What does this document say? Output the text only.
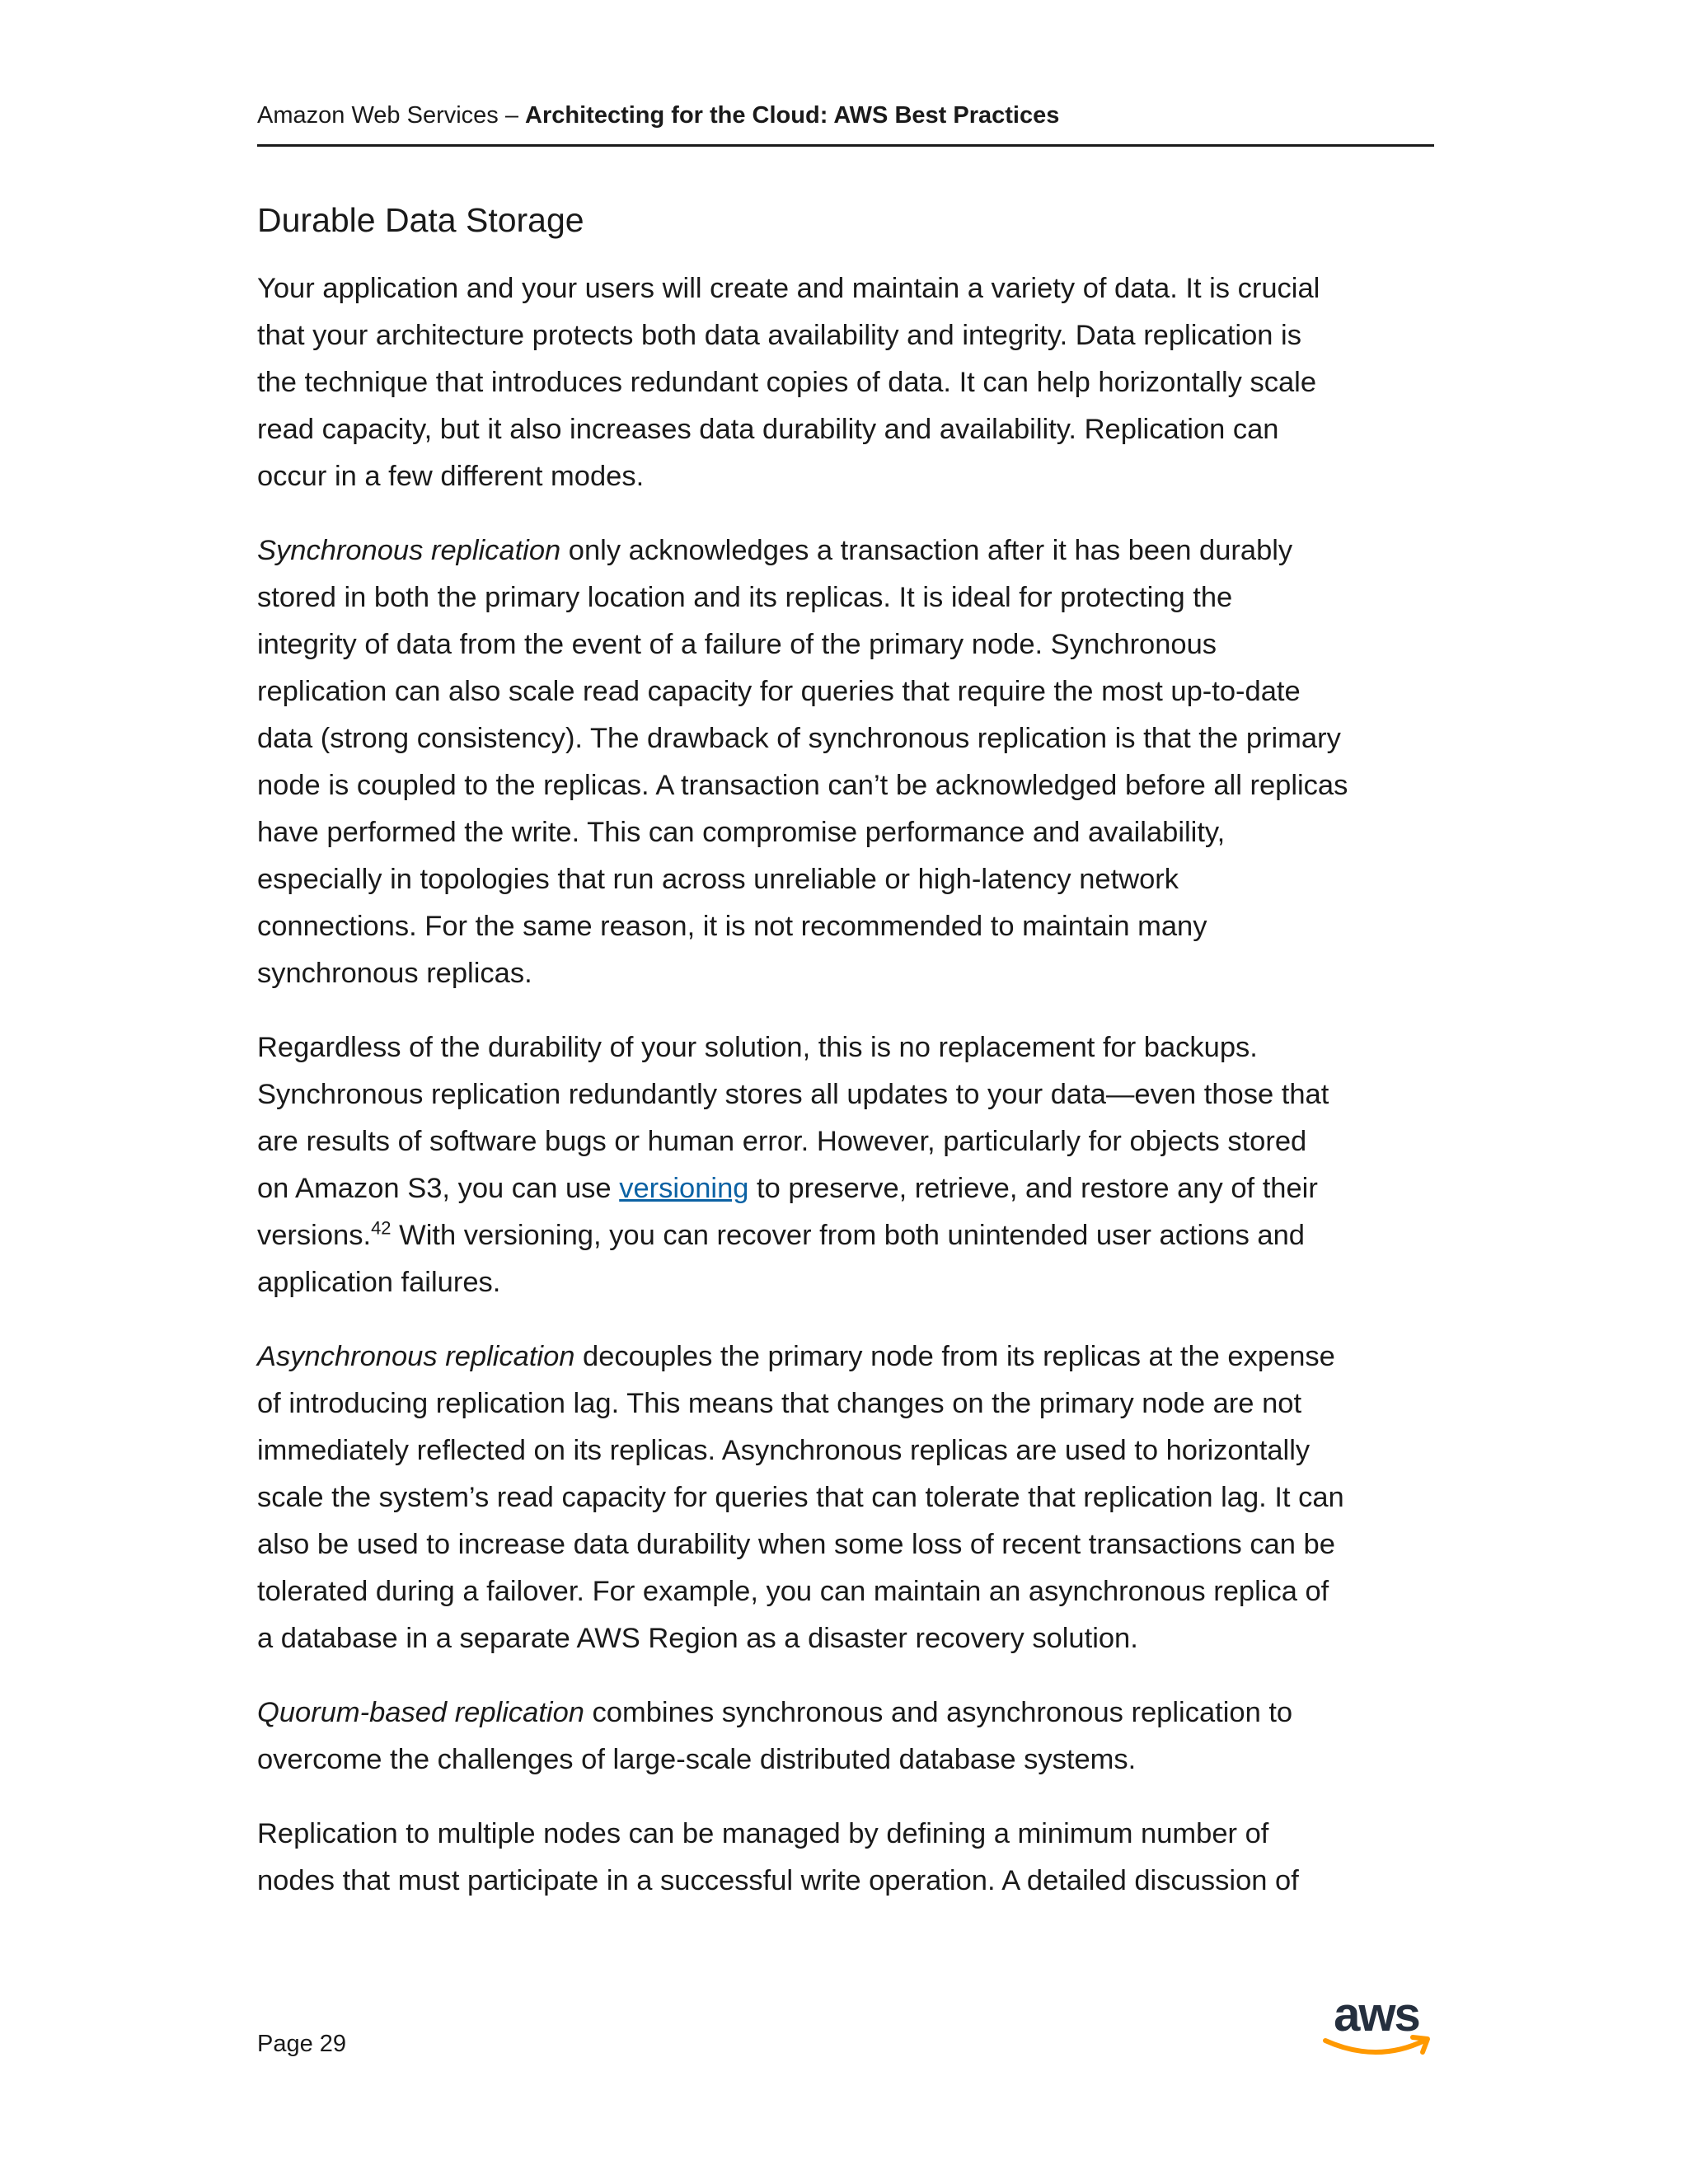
Amazon Web Services – Architecting for the Cloud: AWS Best Practices
Durable Data Storage

Your application and your users will create and maintain a variety of data. It is crucial
that your architecture protects both data availability and integrity. Data replication is
the technique that introduces redundant copies of data. It can help horizontally scale
read capacity, but it also increases data durability and availability. Replication can
occur in a few different modes.

Synchronous replication only acknowledges a transaction after it has been durably
stored in both the primary location and its replicas. It is ideal for protecting the
integrity of data from the event of a failure of the primary node. Synchronous
replication can also scale read capacity for queries that require the most up-to-date
data (strong consistency). The drawback of synchronous replication is that the primary
node is coupled to the replicas. A transaction can’t be acknowledged before all replicas
have performed the write. This can compromise performance and availability,
especially in topologies that run across unreliable or high-latency network
connections. For the same reason, it is not recommended to maintain many
synchronous replicas.

Regardless of the durability of your solution, this is no replacement for backups.
Synchronous replication redundantly stores all updates to your data—even those that
are results of software bugs or human error. However, particularly for objects stored
on Amazon S3, you can use versioning to preserve, retrieve, and restore any of their
versions.$^{42}$ With versioning, you can recover from both unintended user actions and
application failures.

Asynchronous replication decouples the primary node from its replicas at the expense
of introducing replication lag. This means that changes on the primary node are not
immediately reflected on its replicas. Asynchronous replicas are used to horizontally
scale the system’s read capacity for queries that can tolerate that replication lag. It can
also be used to increase data durability when some loss of recent transactions can be
tolerated during a failover. For example, you can maintain an asynchronous replica of
a database in a separate AWS Region as a disaster recovery solution.

Quorum-based replication combines synchronous and asynchronous replication to
overcome the challenges of large-scale distributed database systems.

Replication to multiple nodes can be managed by defining a minimum number of
nodes that must participate in a successful write operation. A detailed discussion of

Page 29
aws
